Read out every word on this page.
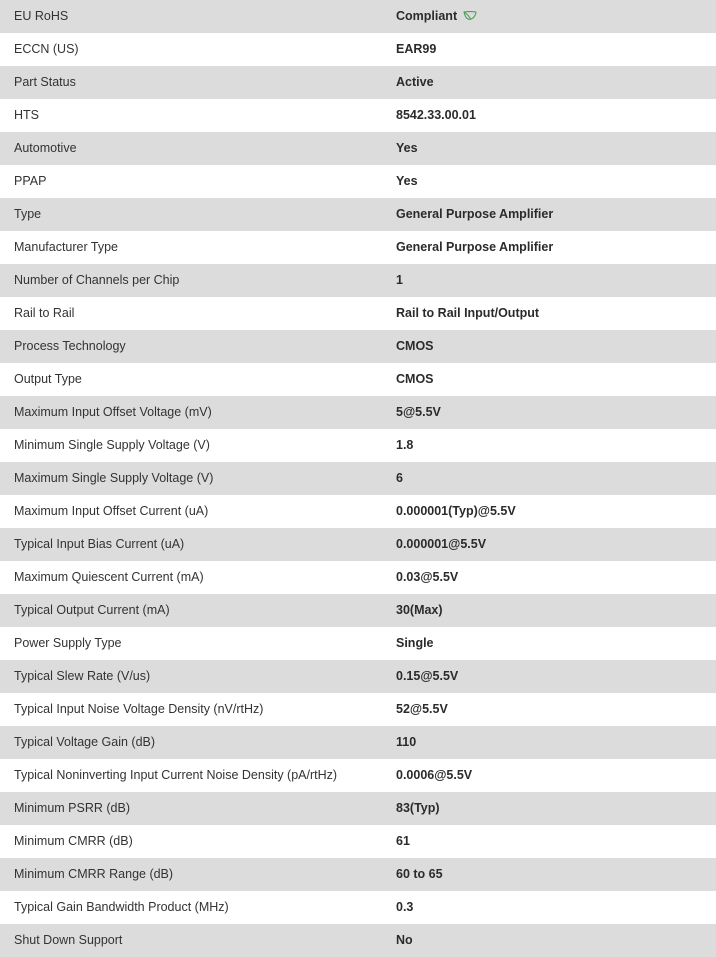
EU RoHS	Compliant
ECCN (US)	EAR99
Part Status	Active
HTS	8542.33.00.01
Automotive	Yes
PPAP	Yes
Type	General Purpose Amplifier
Manufacturer Type	General Purpose Amplifier
Number of Channels per Chip	1
Rail to Rail	Rail to Rail Input/Output
Process Technology	CMOS
Output Type	CMOS
Maximum Input Offset Voltage (mV)	5@5.5V
Minimum Single Supply Voltage (V)	1.8
Maximum Single Supply Voltage (V)	6
Maximum Input Offset Current (uA)	0.000001(Typ)@5.5V
Typical Input Bias Current (uA)	0.000001@5.5V
Maximum Quiescent Current (mA)	0.03@5.5V
Typical Output Current (mA)	30(Max)
Power Supply Type	Single
Typical Slew Rate (V/us)	0.15@5.5V
Typical Input Noise Voltage Density (nV/rtHz)	52@5.5V
Typical Voltage Gain (dB)	110
Typical Noninverting Input Current Noise Density (pA/rtHz)	0.0006@5.5V
Minimum PSRR (dB)	83(Typ)
Minimum CMRR (dB)	61
Minimum CMRR Range (dB)	60 to 65
Typical Gain Bandwidth Product (MHz)	0.3
Shut Down Support	No
